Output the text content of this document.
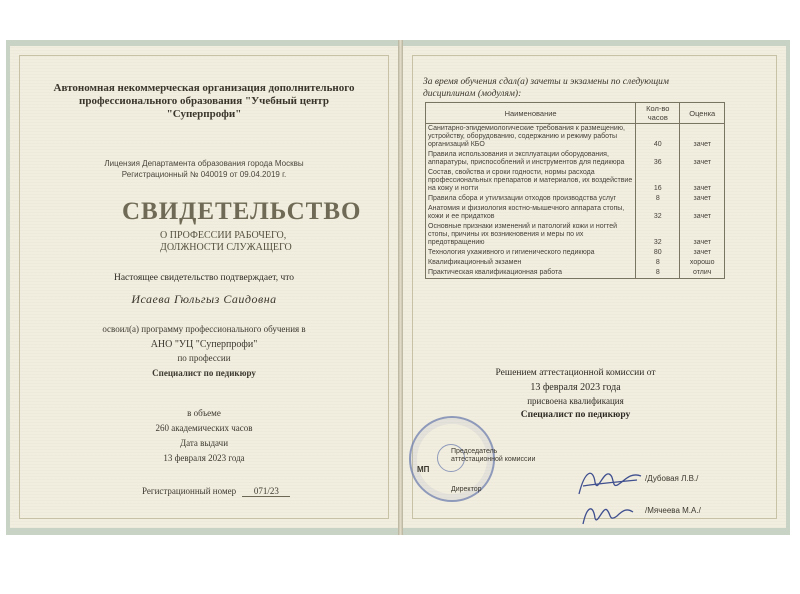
Автономная некоммерческая организация дополнительного
профессионального образования "Учебный центр
"Суперпрофи"
Лицензия Департамента образования города Москвы
Регистрационный № 040019 от 09.04.2019 г.
СВИДЕТЕЛЬСТВО
О ПРОФЕССИИ РАБОЧЕГО,
ДОЛЖНОСТИ СЛУЖАЩЕГО
Настоящее свидетельство подтверждает, что
Исаева Гюльгыз Саидовна
освоил(а) программу профессионального обучения в
АНО "УЦ "Суперпрофи"
по профессии
Специалист по педикюру
в объеме
260 академических часов
Дата выдачи
13 февраля 2023 года
Регистрационный номер 071/23
За время обучения сдал(а) зачеты и экзамены по следующим
дисциплинам (модулям):
Наименование	Кол-во часов	Оценка
Санитарно-эпидемиологические требования к размещению, устройству, оборудованию, содержанию и режиму работы организаций КБО	40	зачет
Правила использования и эксплуатации оборудования, аппаратуры, приспособлений и инструментов для педикюра	36	зачет
Состав, свойства и сроки годности, нормы расхода профессиональных препаратов и материалов, их воздействие на кожу и ногти	16	зачет
Правила сбора и утилизации отходов производства услуг	8	зачет
Анатомия и физиология костно-мышечного аппарата стопы, кожи и ее придатков	32	зачет
Основные признаки изменений и патологий кожи и ногтей стопы, причины их возникновения и меры по их предотвращению	32	зачет
Технология ухаживного и гигиенического педикюра	80	зачет
Квалификационный экзамен	8	хорошо
Практическая квалификационная работа	8	отлич
Решением аттестационной комиссии от
13 февраля 2023 года
присвоена квалификация
Специалист по педикюру
МП
Председатель
аттестационной комиссии
Директор
/Дубовая Л.В./
/Мячеева М.А./
